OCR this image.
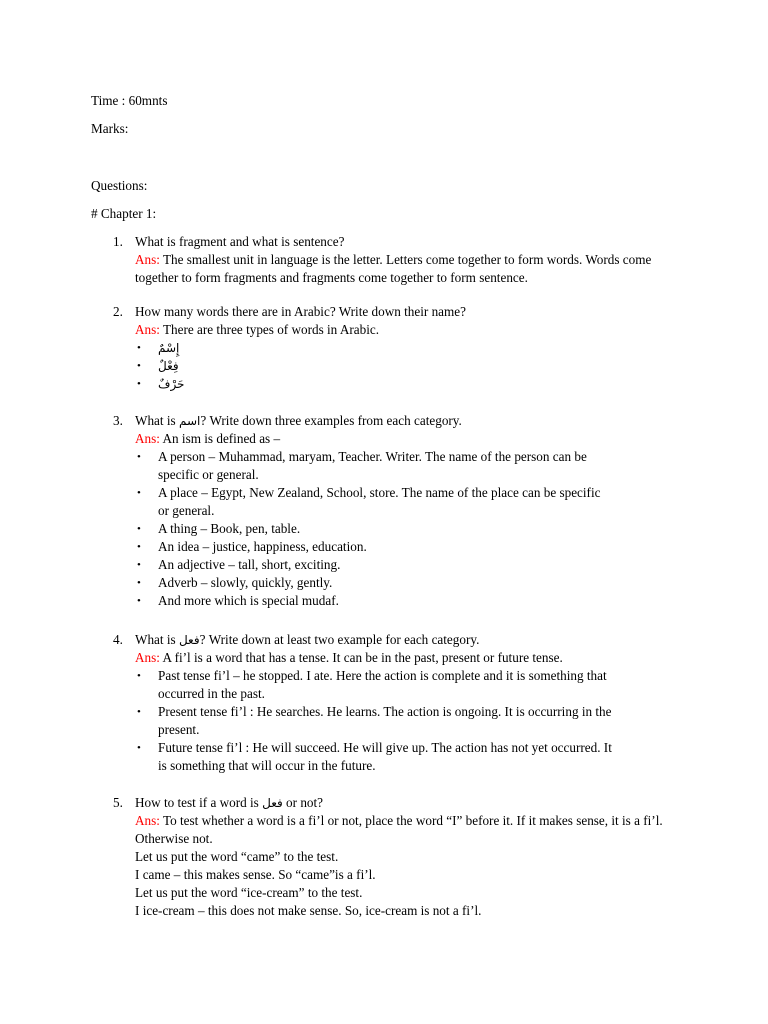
Time : 60mnts
Marks:
Questions:
# Chapter 1:
1. What is fragment and what is sentence?
Ans: The smallest unit in language is the letter. Letters come together to form words. Words come together to form fragments and fragments come together to form sentence.
2. How many words there are in Arabic? Write down their name?
Ans: There are three types of words in Arabic.
• إِسْمٌ
• فِعْلٌ
• حَرْفٌ
3. What is اسم? Write down three examples from each category.
Ans: An ism is defined as –
• A person – Muhammad, maryam, Teacher. Writer. The name of the person can be specific or general.
• A place – Egypt, New Zealand, School, store. The name of the place can be specific or general.
• A thing – Book, pen, table.
• An idea – justice, happiness, education.
• An adjective – tall, short, exciting.
• Adverb – slowly, quickly, gently.
• And more which is special mudaf.
4. What is فعل? Write down at least two example for each category.
Ans: A fi’l is a word that has a tense. It can be in the past, present or future tense.
• Past tense fi’l – he stopped. I ate. Here the action is complete and it is something that occurred in the past.
• Present tense fi’l : He searches. He learns. The action is ongoing. It is occurring in the present.
• Future tense fi’l : He will succeed. He will give up. The action has not yet occurred. It is something that will occur in the future.
5. How to test if a word is فعل or not?
Ans: To test whether a word is a fi’l or not, place the word “I” before it. If it makes sense, it is a fi’l. Otherwise not.
Let us put the word “came” to the test.
I came – this makes sense. So “came”is a fi’l.
Let us put the word “ice-cream” to the test.
I ice-cream – this does not make sense. So, ice-cream is not a fi’l.
